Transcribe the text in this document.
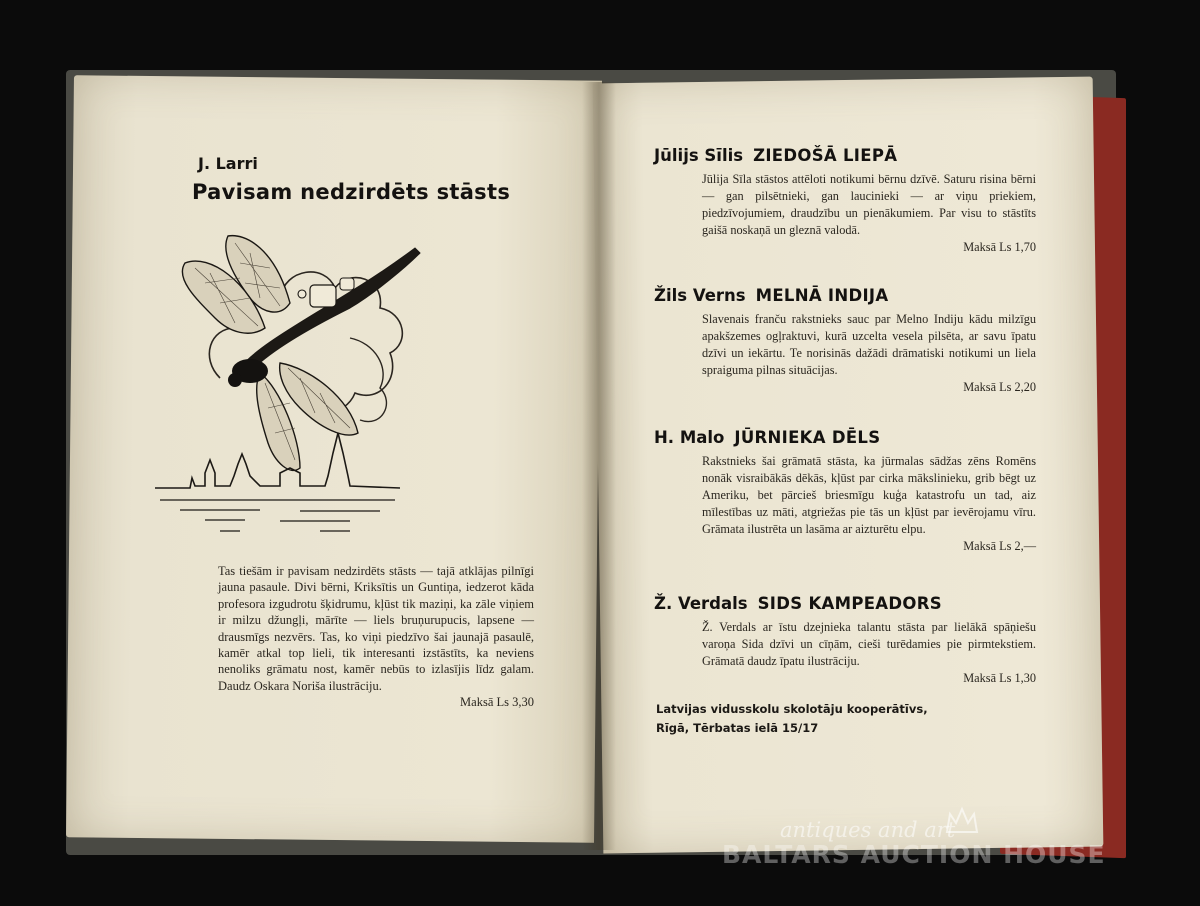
J. Larri
Pavisam nedzirdēts stāsts
Tas tiešām ir pavisam nedzirdēts stāsts — tajā atklājas pilnīgi jauna pasaule. Divi bērni, Kriksītis un Guntiņa, iedzerot kāda profesora izgudrotu šķidrumu, kļūst tik maziņi, ka zāle viņiem ir milzu džungļi, mārīte — liels bruņurupucis, lapsene — drausmīgs nezvērs. Tas, ko viņi piedzīvo šai jaunajā pasaulē, kamēr atkal top lieli, tik interesanti izstāstīts, ka neviens nenoliks grāmatu nost, kamēr nebūs to izlasījis līdz galam. Daudz Oskara Noriša ilustrāciju.
Maksā Ls 3,30
Jūlijs Sīlis ZIEDOŠĀ LIEPĀ
Jūlija Sīla stāstos attēloti notikumi bērnu dzīvē. Saturu risina bērni — gan pilsētnieki, gan laucinieki — ar viņu priekiem, piedzīvojumiem, draudzību un pienākumiem. Par visu to stāstīts gaišā noskaņā un gleznā valodā.
Maksā Ls 1,70
Žils Verns MELNĀ INDIJA
Slavenais franču rakstnieks sauc par Melno Indiju kādu milzīgu apakšzemes ogļraktuvi, kurā uzcelta vesela pilsēta, ar savu īpatu dzīvi un iekārtu. Te norisinās dažādi drāmatiski notikumi un liela spraiguma pilnas situācijas.
Maksā Ls 2,20
H. Malo JŪRNIEKA DĒLS
Rakstnieks šai grāmatā stāsta, ka jūrmalas sādžas zēns Romēns nonāk visraibākās dēkās, kļūst par cirka mākslinieku, grib bēgt uz Ameriku, bet pārcieš briesmīgu kuģa katastrofu un tad, aiz mīlestības uz māti, atgriežas pie tās un kļūst par ievērojamu vīru. Grāmata ilustrēta un lasāma ar aizturētu elpu.
Maksā Ls 2,—
Ž. Verdals SIDS KAMPEADORS
Ž. Verdals ar īstu dzejnieka talantu stāsta par lielākā spāņiešu varoņa Sida dzīvi un cīņām, cieši turēdamies pie pirmtekstiem. Grāmatā daudz īpatu ilustrāciju.
Maksā Ls 1,30
Latvijas vidusskolu skolotāju kooperātīvs,
Rīgā, Tērbatas ielā 15/17
antiques and art
BALTARS AUCTION HOUSE
